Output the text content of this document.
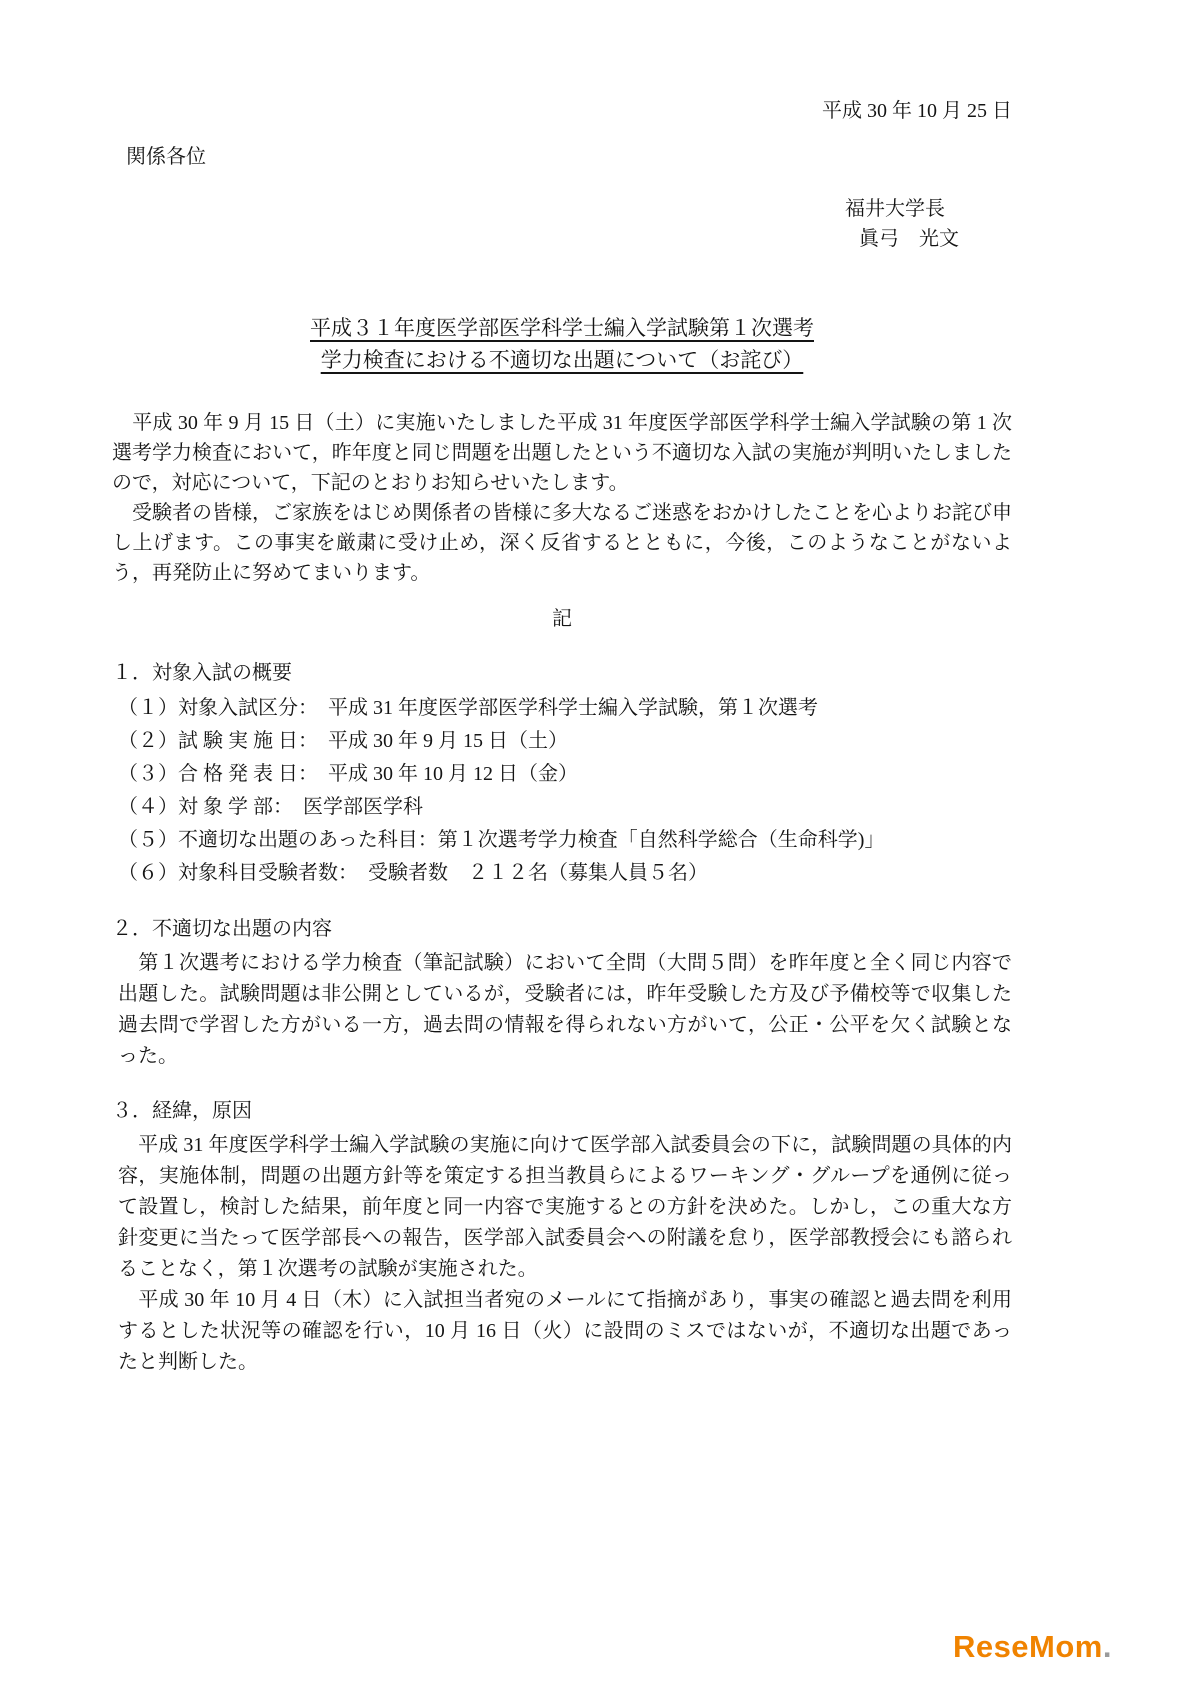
平成 30 年 10 月 25 日
関係各位
福井大学長
眞弓　光文
平成３１年度医学部医学科学士編入学試験第１次選考
学力検査における不適切な出題について（お詫び）

　平成 30 年 9 月 15 日（土）に実施いたしました平成 31 年度医学部医学科学士編入学試験の第 1 次選考学力検査において，昨年度と同じ問題を出題したという不適切な入試の実施が判明いたしましたので，対応について，下記のとおりお知らせいたします。

　受験者の皆様，ご家族をはじめ関係者の皆様に多大なるご迷惑をおかけしたことを心よりお詫び申し上げます。この事実を厳粛に受け止め，深く反省するとともに，今後，このようなことがないよう，再発防止に努めてまいります。

記
１．対象入試の概要
（１）対象入試区分：　平成 31 年度医学部医学科学士編入学試験，第１次選考
（２）試 験 実 施 日：　平成 30 年 9 月 15 日（土）
（３）合 格 発 表 日：　平成 30 年 10 月 12 日（金）
（４）対 象 学 部：　医学部医学科
（５）不適切な出題のあった科目：第１次選考学力検査「自然科学総合（生命科学)」
（６）対象科目受験者数：　受験者数　２１２名（募集人員５名）
２．不適切な出題の内容

　第１次選考における学力検査（筆記試験）において全問（大問５問）を昨年度と全く同じ内容で出題した。試験問題は非公開としているが，受験者には，昨年受験した方及び予備校等で収集した過去問で学習した方がいる一方，過去問の情報を得られない方がいて，公正・公平を欠く試験となった。

３．経緯，原因

　平成 31 年度医学科学士編入学試験の実施に向けて医学部入試委員会の下に，試験問題の具体的内容，実施体制，問題の出題方針等を策定する担当教員らによるワーキング・グループを通例に従って設置し，検討した結果，前年度と同一内容で実施するとの方針を決めた。しかし，この重大な方針変更に当たって医学部長への報告，医学部入試委員会への附議を怠り，医学部教授会にも諮られることなく，第１次選考の試験が実施された。

　平成 30 年 10 月 4 日（木）に入試担当者宛のメールにて指摘があり，事実の確認と過去問を利用するとした状況等の確認を行い，10 月 16 日（火）に設問のミスではないが，不適切な出題であったと判断した。

ReseMom.
